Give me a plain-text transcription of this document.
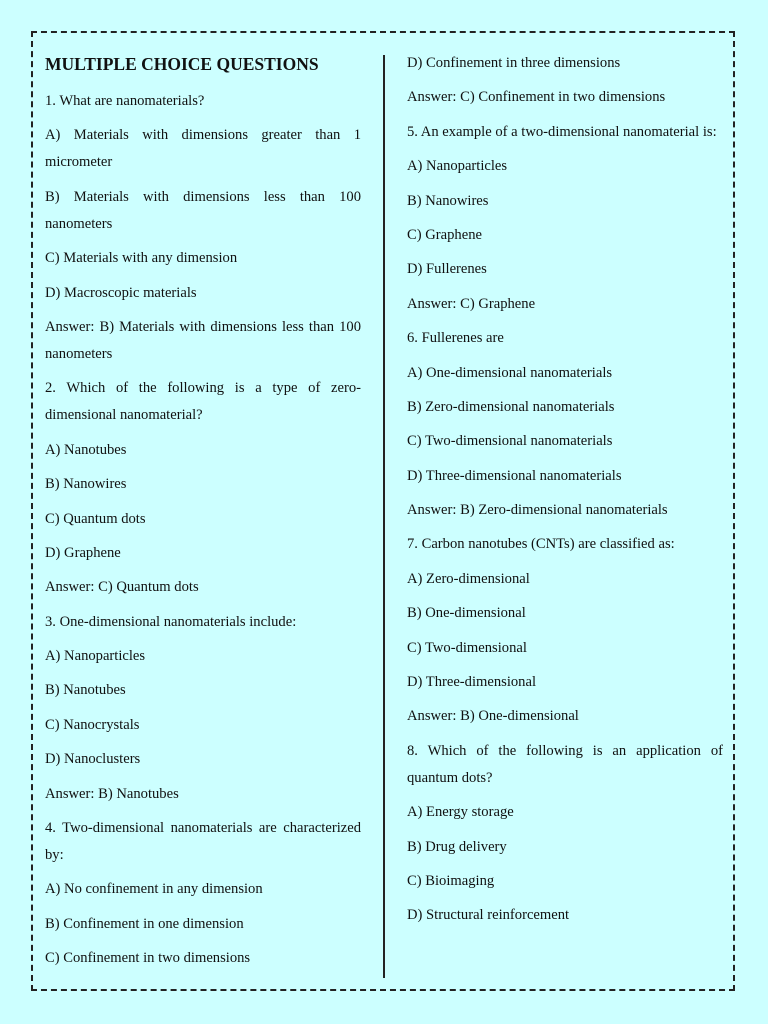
MULTIPLE CHOICE QUESTIONS

1. What are nanomaterials?

A) Materials with dimensions greater than 1 micrometer

B) Materials with dimensions less than 100 nanometers

C) Materials with any dimension

D) Macroscopic materials

Answer: B) Materials with dimensions less than 100 nanometers

2. Which of the following is a type of zero-dimensional nanomaterial?

A) Nanotubes

B) Nanowires

C) Quantum dots

D) Graphene

Answer: C) Quantum dots

3. One-dimensional nanomaterials include:

A) Nanoparticles

B) Nanotubes

C) Nanocrystals

D) Nanoclusters

Answer: B) Nanotubes

4. Two-dimensional nanomaterials are characterized by:

A) No confinement in any dimension

B) Confinement in one dimension

C) Confinement in two dimensions

D) Confinement in three dimensions

Answer: C) Confinement in two dimensions

5. An example of a two-dimensional nanomaterial is:

A) Nanoparticles

B) Nanowires

C) Graphene

D) Fullerenes

Answer: C) Graphene

6. Fullerenes are

A) One-dimensional nanomaterials

B) Zero-dimensional nanomaterials

C) Two-dimensional nanomaterials

D) Three-dimensional nanomaterials

Answer: B) Zero-dimensional nanomaterials

7. Carbon nanotubes (CNTs) are classified as:

A) Zero-dimensional

B) One-dimensional

C) Two-dimensional

D) Three-dimensional

Answer: B) One-dimensional

8. Which of the following is an application of quantum dots?

A) Energy storage

B) Drug delivery

C) Bioimaging

D) Structural reinforcement
